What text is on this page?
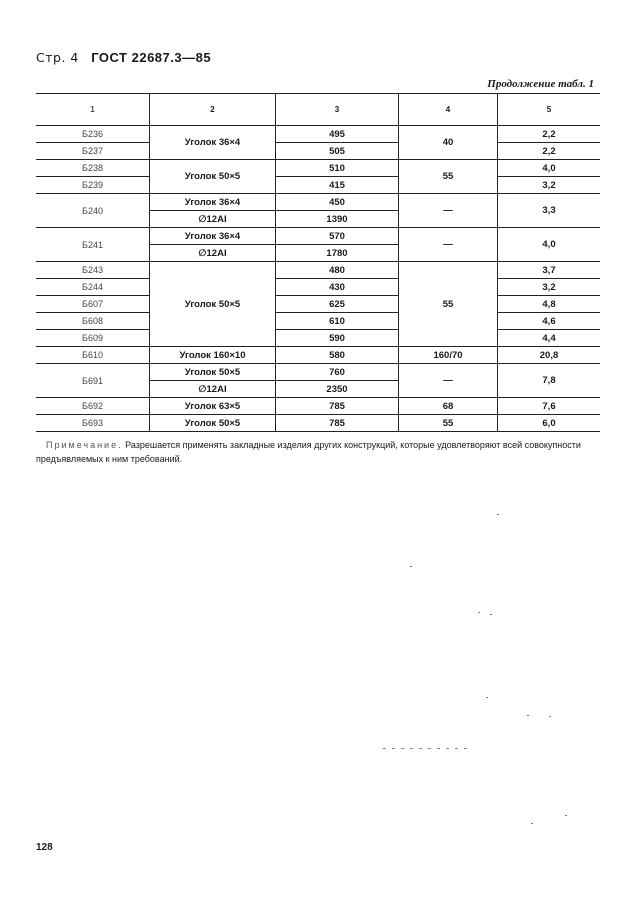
Стр. 4 ГОСТ 22687.3—85
Продолжение табл. 1
1	2	3	4	5
Б236	Уголок 36×4	495	40	2,2
Б237		505		2,2
Б238	Уголок 50×5	510	55	4,0
Б239		415		3,2
Б240	Уголок 36×4	450	—	3,3
	∅12АI	1390		
Б241	Уголок 36×4	570	—	4,0
	∅12АI	1780		
Б243	Уголок 50×5	480	55	3,7
Б244		430		3,2
Б607		625		4,8
Б608		610		4,6
Б609		590		4,4
Б610	Уголок 160×10	580	160/70	20,8
Б691	Уголок 50×5	760	—	7,8
	∅12АI	2350		
Б692	Уголок 63×5	785	68	7,6
Б693	Уголок 50×5	785	55	6,0
Примечание. Разрешается применять закладные изделия других конструкций, которые удовлетворяют всей совокупности предъявляемых к ним требований.
128
